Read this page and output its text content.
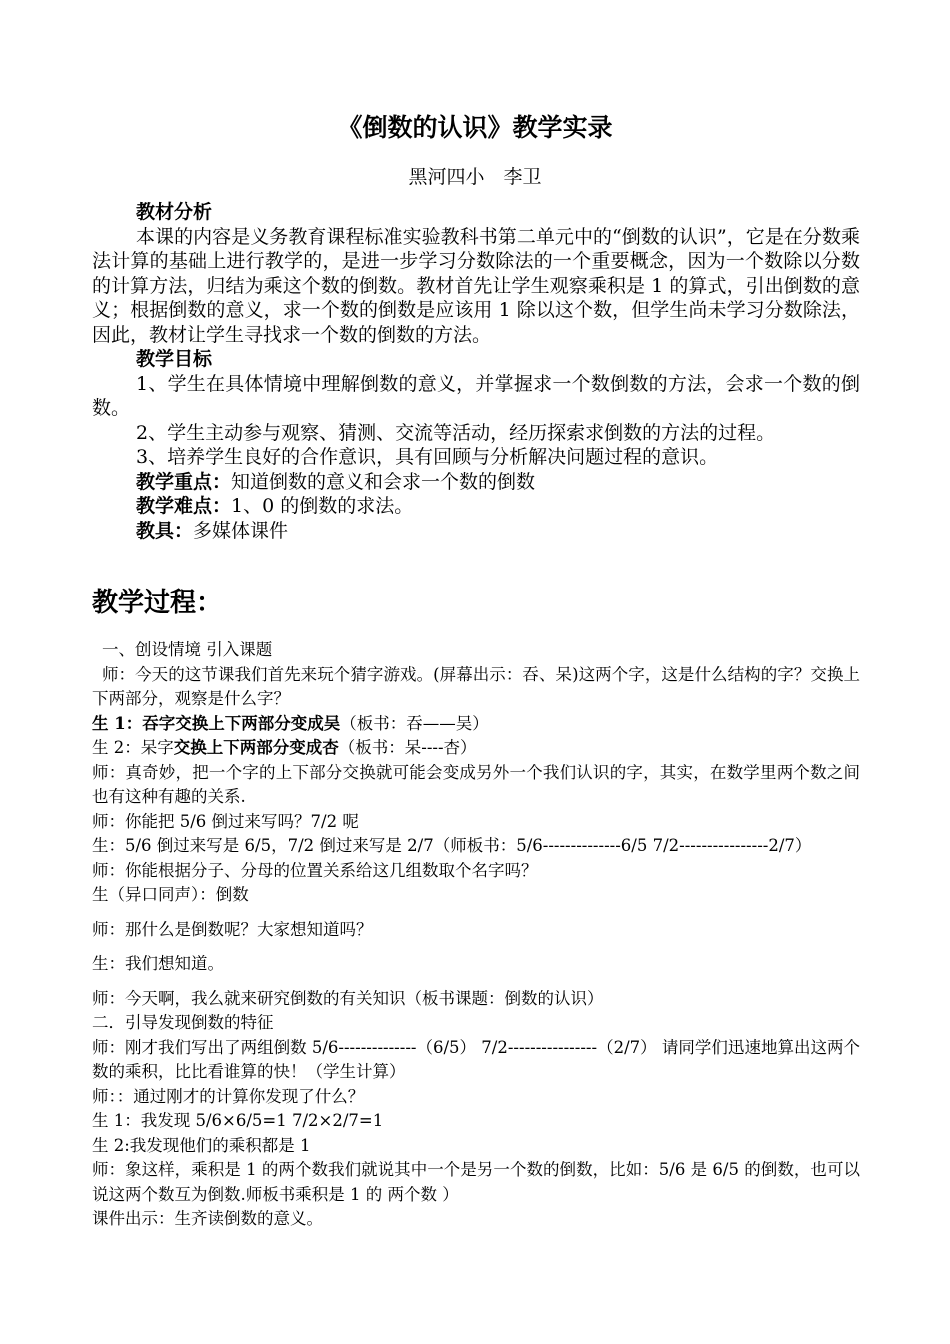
《倒数的认识》教学实录
黑河四小　李卫

教材分析

本课的内容是义务教育课程标准实验教科书第二单元中的“倒数的认识”，它是在分数乘法计算的基础上进行教学的，是进一步学习分数除法的一个重要概念，因为一个数除以分数的计算方法，归结为乘这个数的倒数。教材首先让学生观察乘积是 1 的算式，引出倒数的意义；根据倒数的意义，求一个数的倒数是应该用 1 除以这个数，但学生尚未学习分数除法，因此，教材让学生寻找求一个数的倒数的方法。

教学目标

1、学生在具体情境中理解倒数的意义，并掌握求一个数倒数的方法，会求一个数的倒数。

2、学生主动参与观察、猜测、交流等活动，经历探索求倒数的方法的过程。

3、培养学生良好的合作意识，具有回顾与分析解决问题过程的意识。

教学重点：知道倒数的意义和会求一个数的倒数

教学难点：1、0 的倒数的求法。

教具：多媒体课件

教学过程：

一、创设情境 引入课题

师：今天的这节课我们首先来玩个猜字游戏。(屏幕出示：吞、呆)这两个字，这是什么结构的字？交换上下两部分，观察是什么字？

生 1：吞字交换上下两部分变成吴（板书：吞——吴）

生 2：呆字交换上下两部分变成杏（板书：呆----杏）

师：真奇妙，把一个字的上下部分交换就可能会变成另外一个我们认识的字，其实，在数学里两个数之间也有这种有趣的关系.

师：你能把 5/6 倒过来写吗？7/2 呢

生：5/6 倒过来写是 6/5，7/2 倒过来写是 2/7（师板书：5/6--------------6/5 7/2----------------2/7）

师：你能根据分子、分母的位置关系给这几组数取个名字吗？

生（异口同声）：倒数

师：那什么是倒数呢？大家想知道吗？

生：我们想知道。

师：今天啊，我么就来研究倒数的有关知识（板书课题：倒数的认识）

二．引导发现倒数的特征

师：刚才我们写出了两组倒数 5/6--------------（6/5） 7/2----------------（2/7） 请同学们迅速地算出这两个数的乘积，比比看谁算的快！（学生计算）

师：：通过刚才的计算你发现了什么？

生 1：我发现 5/6×6/5=1 7/2×2/7=1

生 2:我发现他们的乘积都是 1

师：象这样，乘积是 1 的两个数我们就说其中一个是另一个数的倒数，比如：5/6 是 6/5 的倒数，也可以说这两个数互为倒数.师板书乘积是 1 的 两个数 ）

课件出示：生齐读倒数的意义。
